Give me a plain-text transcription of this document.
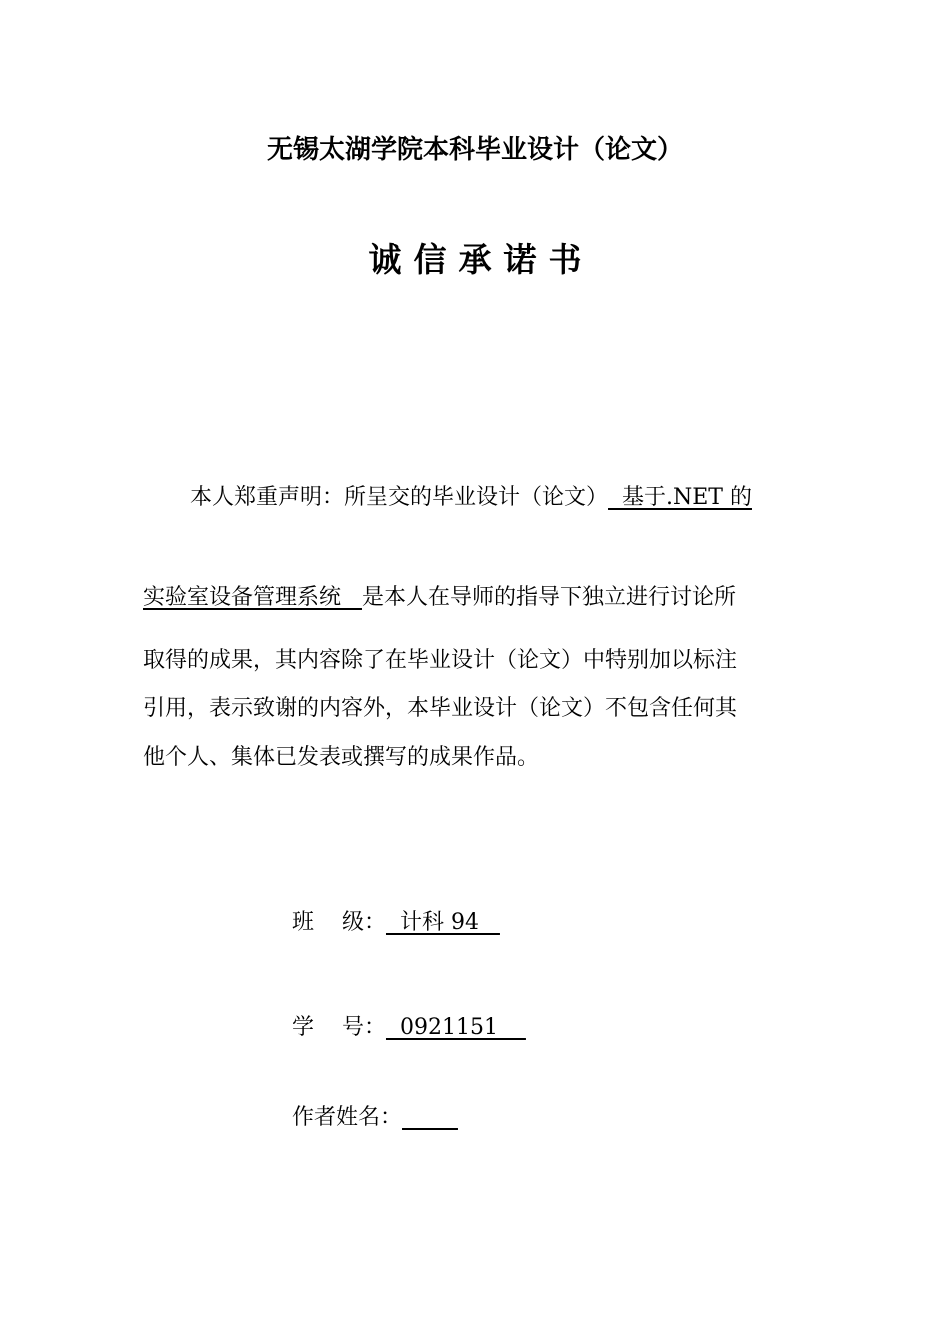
无锡太湖学院本科毕业设计（论文）
诚信承诺书
本人郑重声明：所呈交的毕业设计（论文）  基于.NET 的
实验室设备管理系统   是本人在导师的指导下独立进行讨论所
取得的成果，其内容除了在毕业设计（论文）中特别加以标注
引用，表示致谢的内容外，本毕业设计（论文）不包含任何其
他个人、集体已发表或撰写的成果作品。
班    级：  计科 94
学    号：  0921151
作者姓名：
